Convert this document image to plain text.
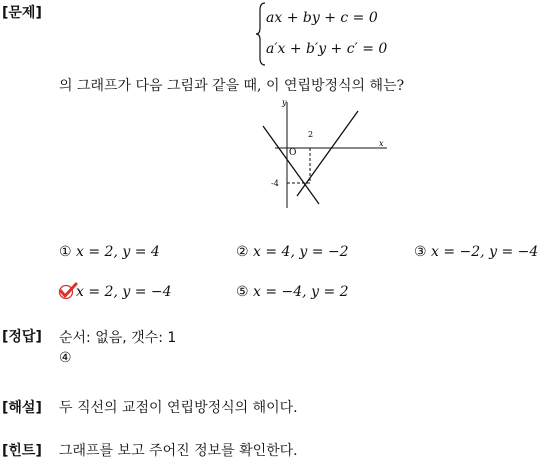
[문제]	ax + by + c = 0
a′x + b′y + c′ = 0
의 그래프가 다음 그림과 같을 때, 이 연립방정식의 해는?
y
x
O
2
-4
① x = 2, y = 4	② x = 4, y = −2	③ x = −2, y = −4
x = 2, y = −4	⑤ x = −4, y = 2
[정답] 순서: 없음, 갯수: 1
④
[해설] 두 직선의 교점이 연립방정식의 해이다.
[힌트] 그래프를 보고 주어진 정보를 확인한다.
